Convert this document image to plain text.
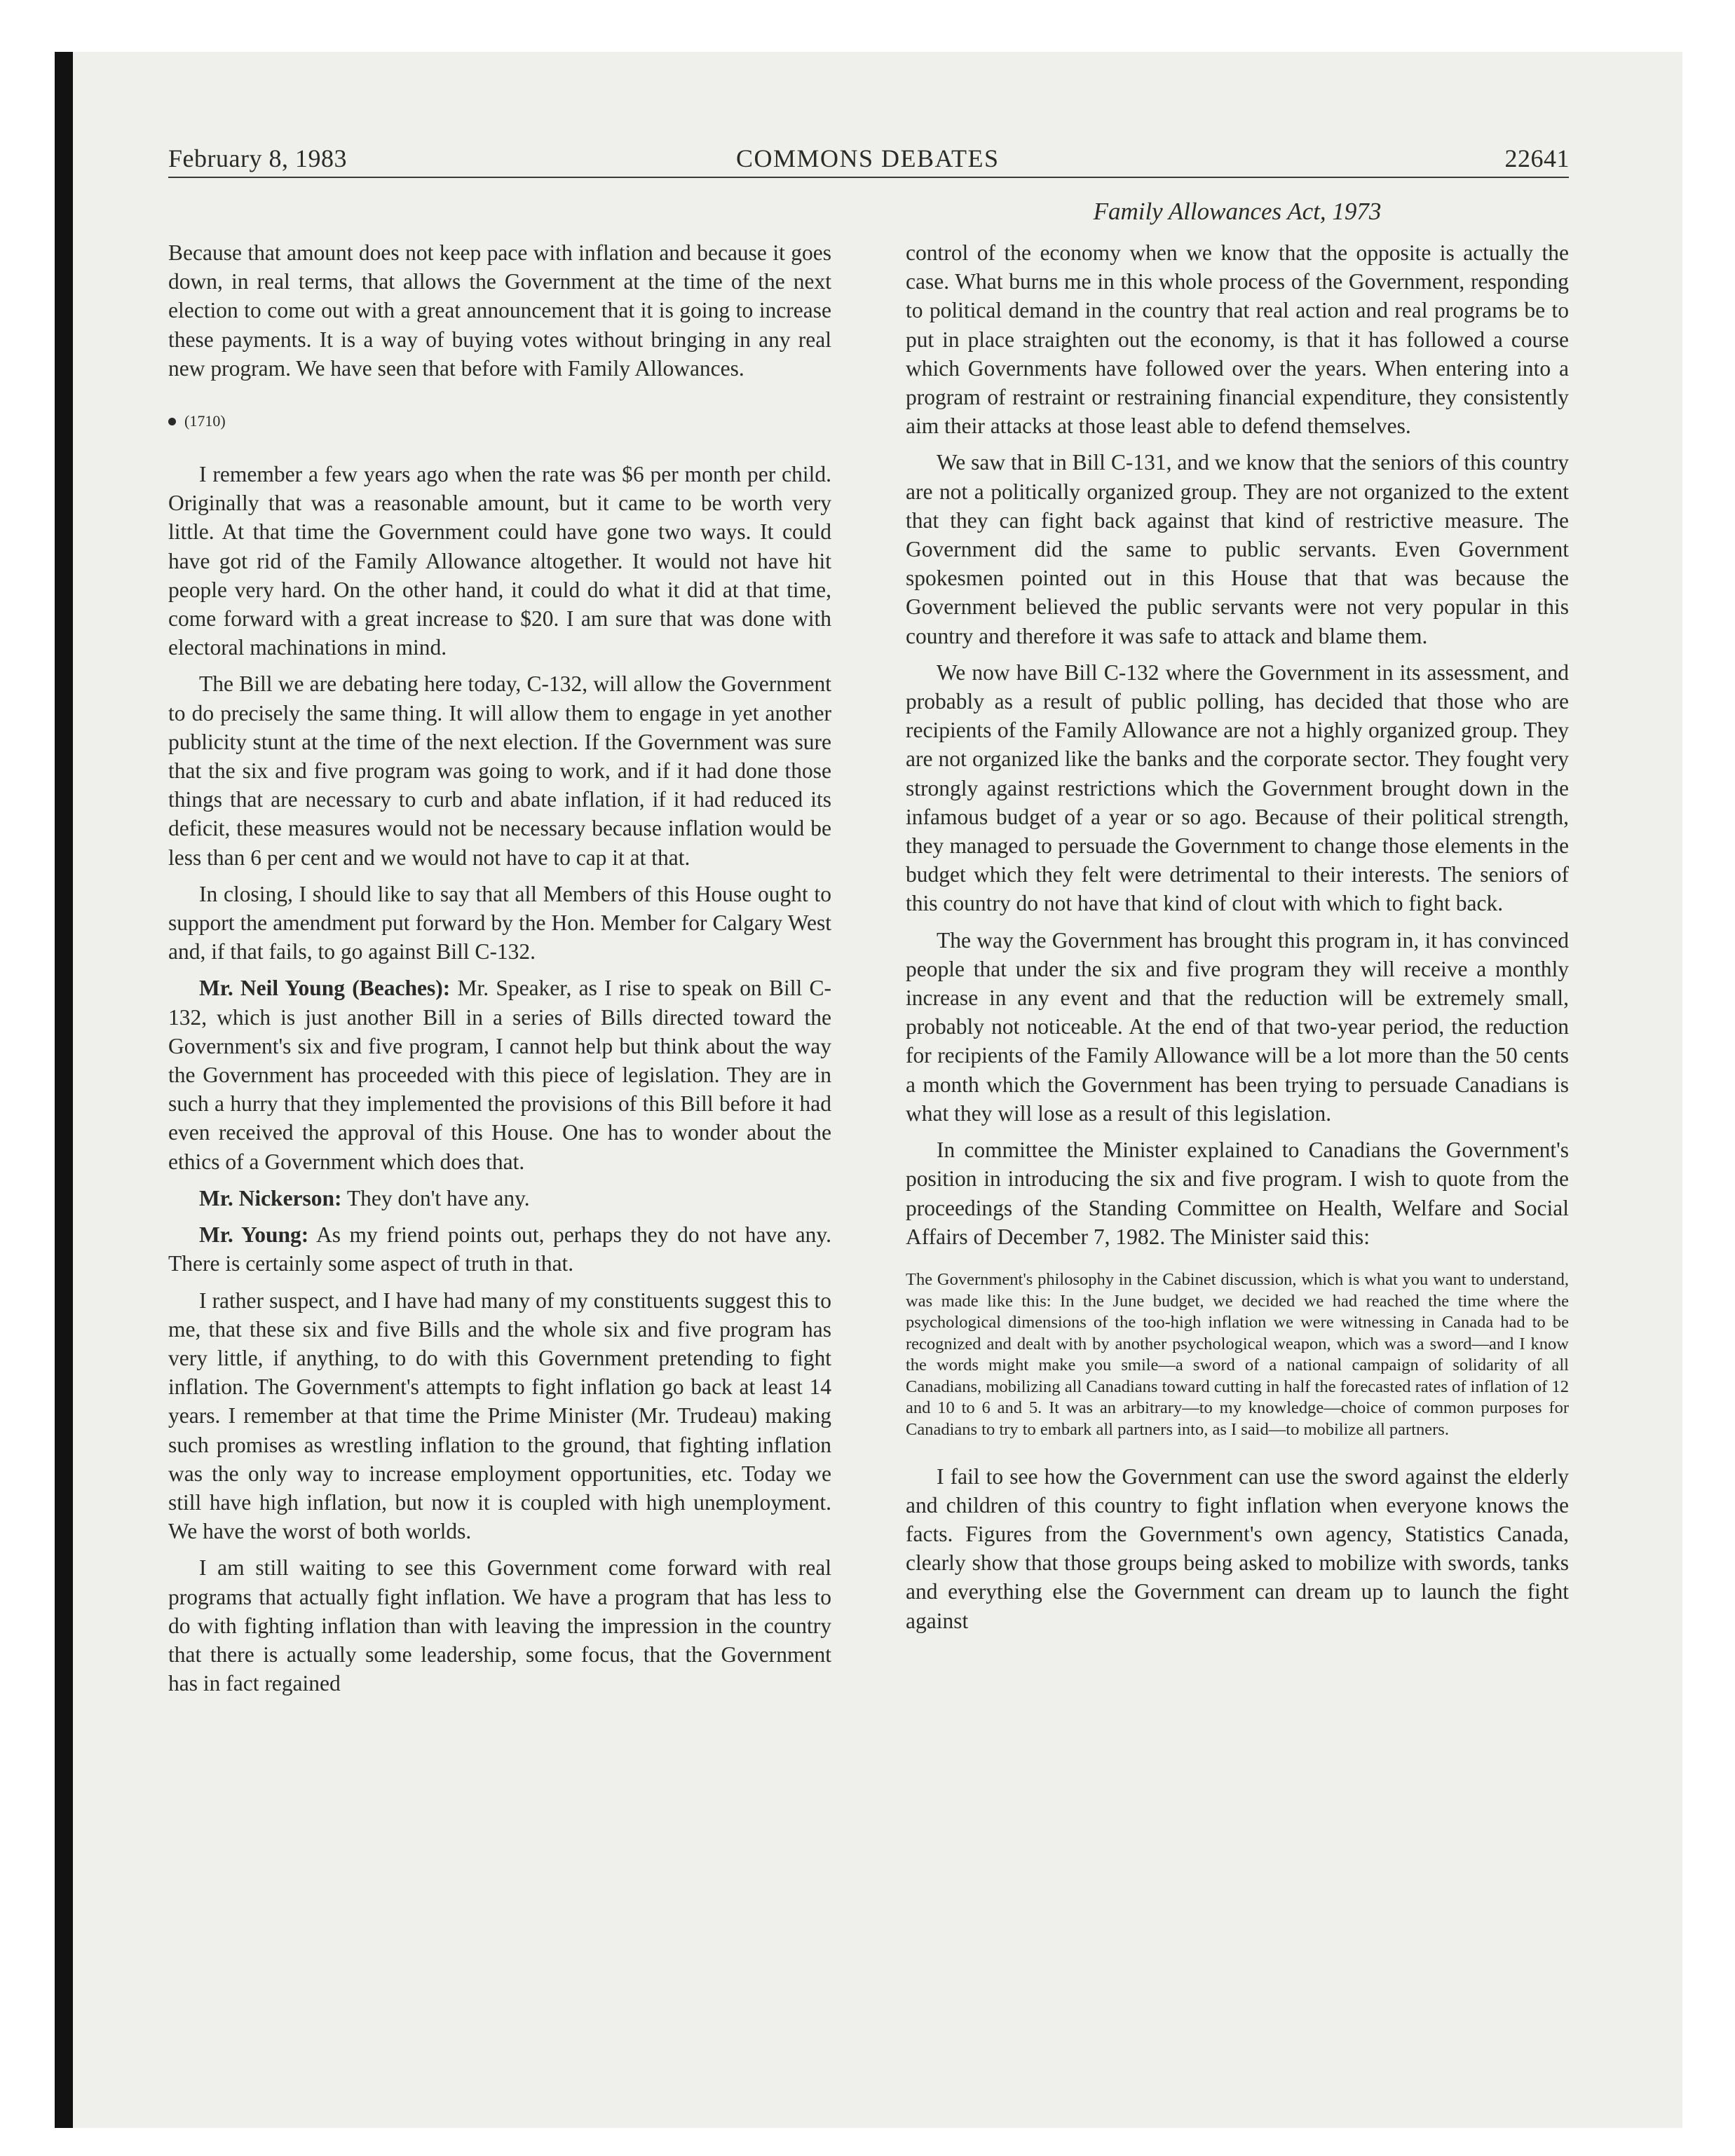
February 8, 1983	COMMONS DEBATES	22641
Family Allowances Act, 1973

Because that amount does not keep pace with inflation and because it goes down, in real terms, that allows the Government at the time of the next election to come out with a great announcement that it is going to increase these payments. It is a way of buying votes without bringing in any real new program. We have seen that before with Family Allowances.

(1710)

I remember a few years ago when the rate was $6 per month per child. Originally that was a reasonable amount, but it came to be worth very little. At that time the Government could have gone two ways. It could have got rid of the Family Allowance altogether. It would not have hit people very hard. On the other hand, it could do what it did at that time, come forward with a great increase to $20. I am sure that was done with electoral machinations in mind.

The Bill we are debating here today, C-132, will allow the Government to do precisely the same thing. It will allow them to engage in yet another publicity stunt at the time of the next election. If the Government was sure that the six and five program was going to work, and if it had done those things that are necessary to curb and abate inflation, if it had reduced its deficit, these measures would not be necessary because inflation would be less than 6 per cent and we would not have to cap it at that.

In closing, I should like to say that all Members of this House ought to support the amendment put forward by the Hon. Member for Calgary West and, if that fails, to go against Bill C-132.

Mr. Neil Young (Beaches): Mr. Speaker, as I rise to speak on Bill C-132, which is just another Bill in a series of Bills directed toward the Government's six and five program, I cannot help but think about the way the Government has proceeded with this piece of legislation. They are in such a hurry that they implemented the provisions of this Bill before it had even received the approval of this House. One has to wonder about the ethics of a Government which does that.

Mr. Nickerson: They don't have any.

Mr. Young: As my friend points out, perhaps they do not have any. There is certainly some aspect of truth in that.

I rather suspect, and I have had many of my constituents suggest this to me, that these six and five Bills and the whole six and five program has very little, if anything, to do with this Government pretending to fight inflation. The Government's attempts to fight inflation go back at least 14 years. I remember at that time the Prime Minister (Mr. Trudeau) making such promises as wrestling inflation to the ground, that fighting inflation was the only way to increase employment opportunities, etc. Today we still have high inflation, but now it is coupled with high unemployment. We have the worst of both worlds.

I am still waiting to see this Government come forward with real programs that actually fight inflation. We have a program that has less to do with fighting inflation than with leaving the impression in the country that there is actually some leadership, some focus, that the Government has in fact regained

control of the economy when we know that the opposite is actually the case. What burns me in this whole process of the Government, responding to political demand in the country that real action and real programs be to put in place straighten out the economy, is that it has followed a course which Governments have followed over the years. When entering into a program of restraint or restraining financial expenditure, they consistently aim their attacks at those least able to defend themselves.

We saw that in Bill C-131, and we know that the seniors of this country are not a politically organized group. They are not organized to the extent that they can fight back against that kind of restrictive measure. The Government did the same to public servants. Even Government spokesmen pointed out in this House that that was because the Government believed the public servants were not very popular in this country and therefore it was safe to attack and blame them.

We now have Bill C-132 where the Government in its assessment, and probably as a result of public polling, has decided that those who are recipients of the Family Allowance are not a highly organized group. They are not organized like the banks and the corporate sector. They fought very strongly against restrictions which the Government brought down in the infamous budget of a year or so ago. Because of their political strength, they managed to persuade the Government to change those elements in the budget which they felt were detrimental to their interests. The seniors of this country do not have that kind of clout with which to fight back.

The way the Government has brought this program in, it has convinced people that under the six and five program they will receive a monthly increase in any event and that the reduction will be extremely small, probably not noticeable. At the end of that two-year period, the reduction for recipients of the Family Allowance will be a lot more than the 50 cents a month which the Government has been trying to persuade Canadians is what they will lose as a result of this legislation.

In committee the Minister explained to Canadians the Government's position in introducing the six and five program. I wish to quote from the proceedings of the Standing Committee on Health, Welfare and Social Affairs of December 7, 1982. The Minister said this:

The Government's philosophy in the Cabinet discussion, which is what you want to understand, was made like this: In the June budget, we decided we had reached the time where the psychological dimensions of the too-high inflation we were witnessing in Canada had to be recognized and dealt with by another psychological weapon, which was a sword—and I know the words might make you smile—a sword of a national campaign of solidarity of all Canadians, mobilizing all Canadians toward cutting in half the forecasted rates of inflation of 12 and 10 to 6 and 5. It was an arbitrary—to my knowledge—choice of common purposes for Canadians to try to embark all partners into, as I said—to mobilize all partners.

I fail to see how the Government can use the sword against the elderly and children of this country to fight inflation when everyone knows the facts. Figures from the Government's own agency, Statistics Canada, clearly show that those groups being asked to mobilize with swords, tanks and everything else the Government can dream up to launch the fight against
